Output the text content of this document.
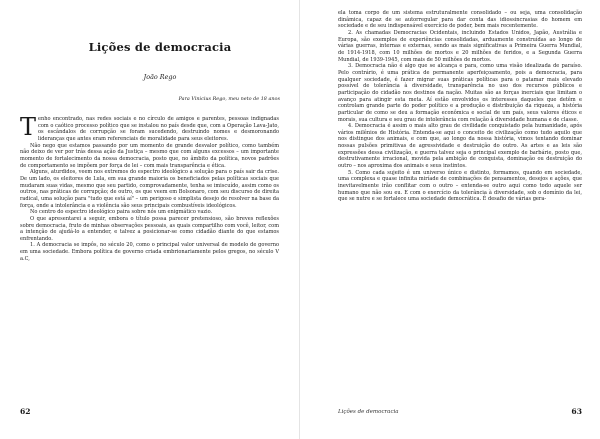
Lições de democracia
João Rego
Para Vinicius Rego, meu neto de 18 anos

Tenho encontrado, nas redes sociais e no círculo de amigos e parentes, pessoas indignadas com o caótico processo político que se instalou no país desde que, com a Operação Lava-Jato, os escândalos de corrupção se foram sucedendo, destruindo nomes e desmoronando lideranças que antes eram referenciais de moralidade para seus eleitores.

Não nego que estamos passando por um momento de grande desvalor político, como também não deixo de ver por trás dessa ação da Justiça – mesmo que com alguns excessos – um importante momento de fortalecimento da nossa democracia, posto que, no âmbito da política, novos padrões de comportamento se impõem por força de lei – com mais transparência e ética.

Alguns, aturdidos, veem nos extremos do espectro ideológico a solução para o país sair da crise. De um lado, os eleitores de Lula, em sua grande maioria os beneficiados pelas políticas sociais que mudaram suas vidas, mesmo que seu partido, comprovadamente, tenha se imiscuído, assim como os outros, nas práticas de corrupção; de outro, os que veem em Bolsonaro, com seu discurso de direita radical, uma solução para "tudo que está aí" – um perigoso e simplista desejo de resolver na base da força, onde a intolerância e a violência são seus principais combustíveis ideológicos.

No centro do espectro ideológico paira sobre nós um enigmático vazio.

O que apresentarei a seguir, embora o título possa parecer pretensioso, são breves reflexões sobre democracia, fruto de minhas observações pessoais, as quais compartilho com você, leitor, com a intenção de ajudá-lo a entender, e talvez a posicionar-se como cidadão diante do que estamos enfrentando.

1. A democracia se impôs, no século 20, como o principal valor universal de modelo de governo em uma sociedade. Embora política de governo criada embrionariamente pelos gregos, no século V a.C,

62

ela toma corpo de um sistema estruturalmente consolidado – ou seja, uma consolidação dinâmica, capaz de se autorregular para dar conta das idiossincrasias do homem em sociedade e de seu indispensável exercício de poder, bem mais recentemente.

2. As chamadas Democracias Ocidentais, incluindo Estados Unidos, Japão, Austrália e Europa, são exemplos de experiências consolidadas, arduamente construídas ao longo de várias guerras, internas e externas, sendo as mais significativas a Primeira Guerra Mundial, de 1914-1918, com 10 milhões de mortos e 20 milhões de feridos, e a Segunda Guerra Mundial, de 1939-1945, com mais de 50 milhões de mortos.

3. Democracia não é algo que se alcança e para, como uma visão idealizada de paraíso. Pelo contrário, é uma prática de permanente aperfeiçoamento, pois a democracia, para qualquer sociedade, é fazer migrar suas práticas políticas para o patamar mais elevado possível de tolerância à diversidade, transparência no uso dos recursos públicos e participação do cidadão nos destinos da nação. Muitas são as forças inerciais que limitam o avanço para atingir esta meta. Aí estão envolvidos os interesses daqueles que detêm e controlam grande parte do poder político e a produção e distribuição da riqueza, a história particular de como se deu a formação econômica e social de um país, seus valores éticos e morais, sua cultura e seu grau de intolerância com relação à diversidade humana e de classe.

4. Democracia é assim o mais alto grau de civilidade conquistado pela humanidade, após vários milênios de História. Entenda-se aqui o conceito de civilização como tudo aquilo que nos distingue dos animais, e com que, ao longo da nossa história, vimos tentando dominar nossas pulsões primitivas de agressividade e destruição do outro. As artes e as leis são expressões dessa civilização, e guerra talvez seja o principal exemplo de barbárie, posto que, destrutivamente irracional, movida pela ambição de conquista, dominação ou destruição do outro – nos aproxima dos animais e seus instintos.

5. Como cada sujeito é um universo único e distinto, formamos, quando em sociedade, uma complexa e quase infinita miríade de combinações de pensamentos, desejos e ações, que inevitavelmente irão conflitar com o outro – entenda-se outro aqui como todo aquele ser humano que não sou eu. E com o exercício da tolerância à diversidade, sob o domínio da lei, que se nutre e se fortalece uma sociedade democrática. É desafio de várias gera-

Lições de democracia	63
